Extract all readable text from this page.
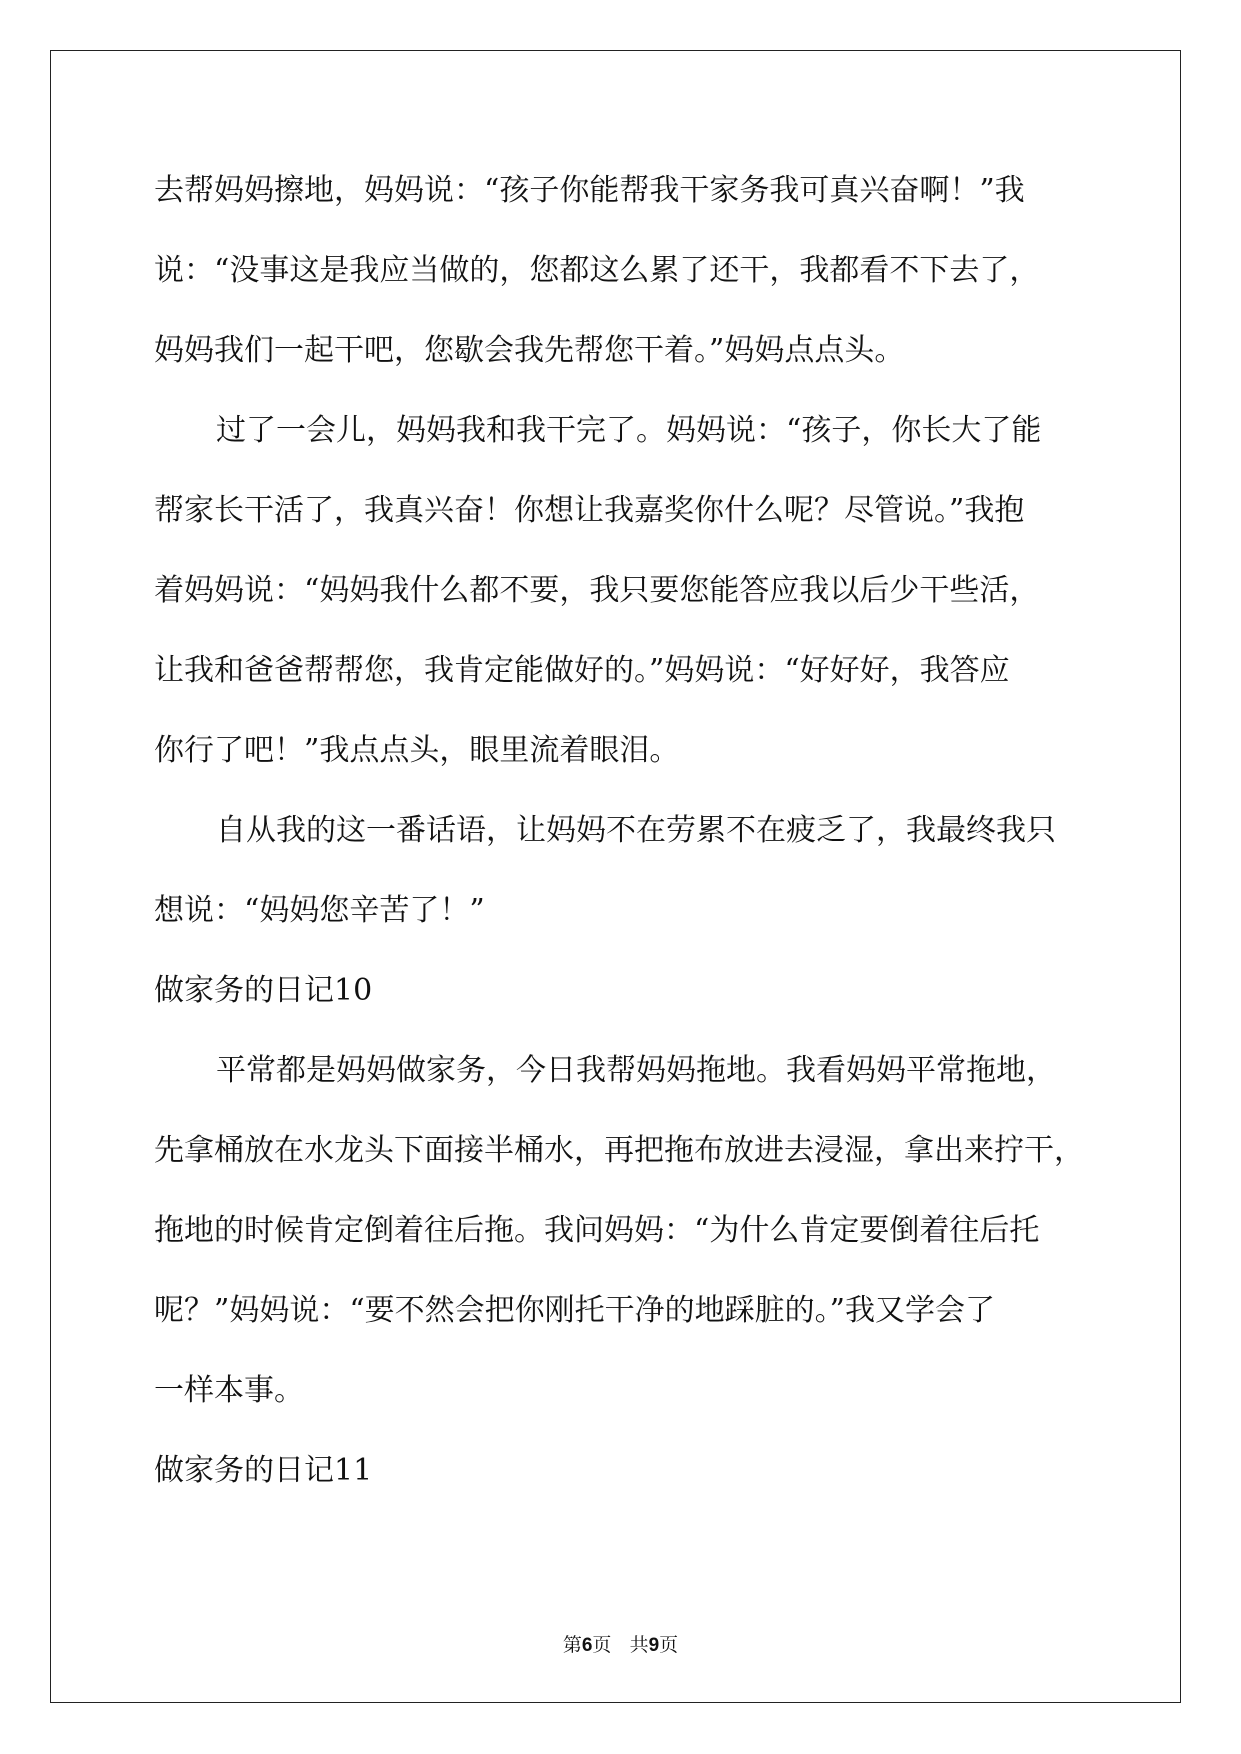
去帮妈妈擦地，妈妈说：“孩子你能帮我干家务我可真兴奋啊！”我

说：“没事这是我应当做的，您都这么累了还干，我都看不下去了，

妈妈我们一起干吧，您歇会我先帮您干着。”妈妈点点头。

过了一会儿，妈妈我和我干完了。妈妈说：“孩子，你长大了能

帮家长干活了，我真兴奋！你想让我嘉奖你什么呢？尽管说。”我抱

着妈妈说：“妈妈我什么都不要，我只要您能答应我以后少干些活，

让我和爸爸帮帮您，我肯定能做好的。”妈妈说：“好好好，我答应

你行了吧！”我点点头，眼里流着眼泪。

自从我的这一番话语，让妈妈不在劳累不在疲乏了，我最终我只

想说：“妈妈您辛苦了！”

做家务的日记10

平常都是妈妈做家务，今日我帮妈妈拖地。我看妈妈平常拖地，

先拿桶放在水龙头下面接半桶水，再把拖布放进去浸湿，拿出来拧干，

拖地的时候肯定倒着往后拖。我问妈妈：“为什么肯定要倒着往后托

呢？”妈妈说：“要不然会把你刚托干净的地踩脏的。”我又学会了

一样本事。

做家务的日记11

第6页 共9页
